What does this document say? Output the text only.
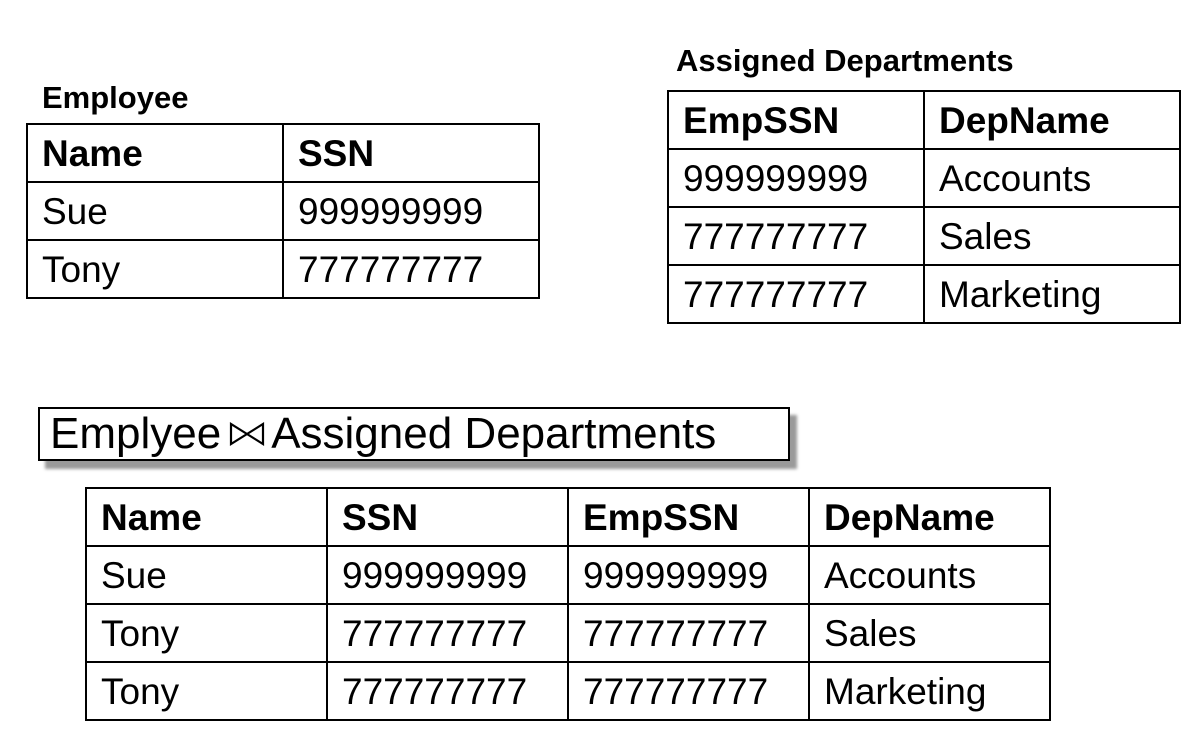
Employee
Name	SSN
Sue	999999999
Tony	777777777
Assigned Departments
EmpSSN	DepName
999999999	Accounts
777777777	Sales
777777777	Marketing
Emplyee Assigned Departments
Name	SSN	EmpSSN	DepName
Sue	999999999	999999999	Accounts
Tony	777777777	777777777	Sales
Tony	777777777	777777777	Marketing
